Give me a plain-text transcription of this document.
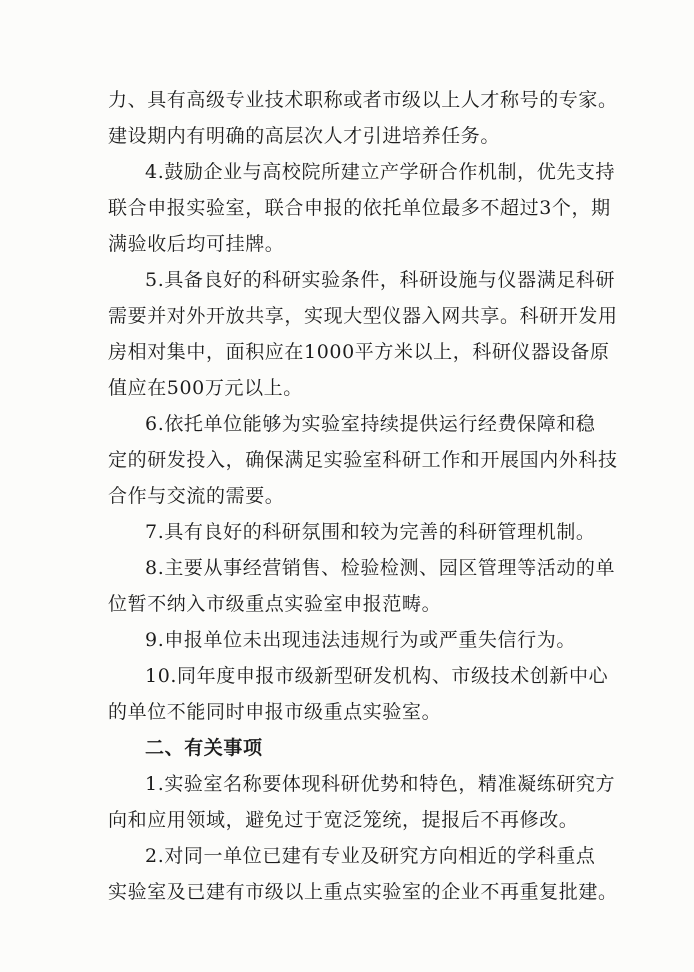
力、具有高级专业技术职称或者市级以上人才称号的专家。
建设期内有明确的高层次人才引进培养任务。
4.鼓励企业与高校院所建立产学研合作机制，优先支持
联合申报实验室，联合申报的依托单位最多不超过3个，期
满验收后均可挂牌。
5.具备良好的科研实验条件，科研设施与仪器满足科研
需要并对外开放共享，实现大型仪器入网共享。科研开发用
房相对集中，面积应在1000平方米以上，科研仪器设备原
值应在500万元以上。
6.依托单位能够为实验室持续提供运行经费保障和稳
定的研发投入，确保满足实验室科研工作和开展国内外科技
合作与交流的需要。
7.具有良好的科研氛围和较为完善的科研管理机制。
8.主要从事经营销售、检验检测、园区管理等活动的单
位暂不纳入市级重点实验室申报范畴。
9.申报单位未出现违法违规行为或严重失信行为。
10.同年度申报市级新型研发机构、市级技术创新中心
的单位不能同时申报市级重点实验室。
二、有关事项
1.实验室名称要体现科研优势和特色，精准凝练研究方
向和应用领域，避免过于宽泛笼统，提报后不再修改。
2.对同一单位已建有专业及研究方向相近的学科重点
实验室及已建有市级以上重点实验室的企业不再重复批建。
